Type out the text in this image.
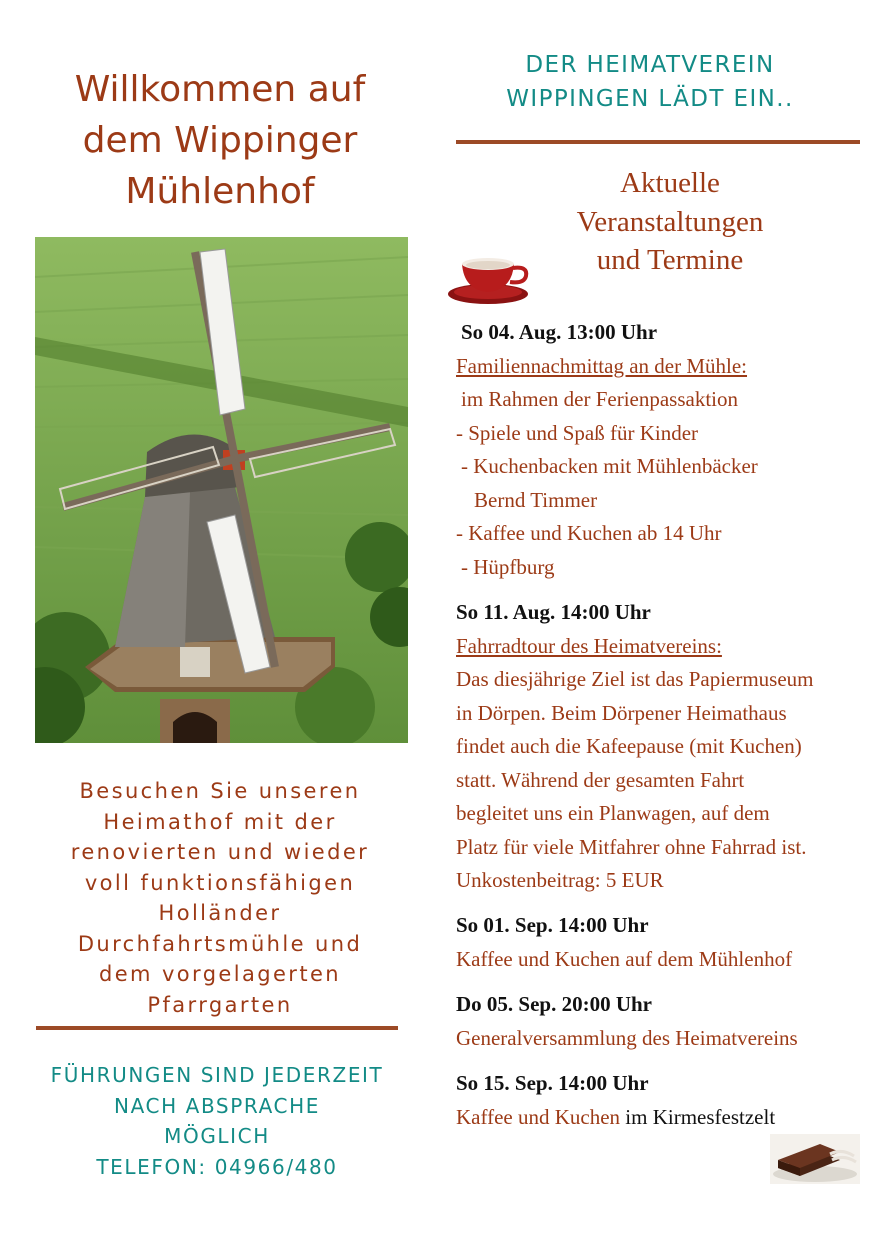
Willkommen auf
dem Wippinger
Mühlenhof
Besuchen Sie unseren
Heimathof mit der
renovierten und wieder
voll funktionsfähigen
Holländer
Durchfahrtsmühle und
dem vorgelagerten
Pfarrgarten
FÜHRUNGEN SIND JEDERZEIT
NACH ABSPRACHE
MÖGLICH
TELEFON: 04966/480
DER HEIMATVEREIN
WIPPINGEN LÄDT EIN..
Aktuelle
Veranstaltungen
und Termine
So 04. Aug. 13:00 Uhr
Familiennachmittag an der Mühle:
im Rahmen der Ferienpassaktion
- Spiele und Spaß für Kinder
- Kuchenbacken mit Mühlenbäcker
Bernd Timmer
- Kaffee und Kuchen ab 14 Uhr
- Hüpfburg
So 11. Aug. 14:00 Uhr
Fahrradtour des Heimatvereins:
Das diesjährige Ziel ist das Papiermuseum
in Dörpen. Beim Dörpener Heimathaus
findet auch die Kafeepause (mit Kuchen)
statt. Während der gesamten Fahrt
begleitet uns ein Planwagen, auf dem
Platz für viele Mitfahrer ohne Fahrrad ist.
Unkostenbeitrag: 5 EUR
So 01. Sep. 14:00 Uhr
Kaffee und Kuchen auf dem Mühlenhof
Do 05. Sep. 20:00 Uhr
Generalversammlung des Heimatvereins
So 15. Sep. 14:00 Uhr
Kaffee und Kuchen im Kirmesfestzelt
